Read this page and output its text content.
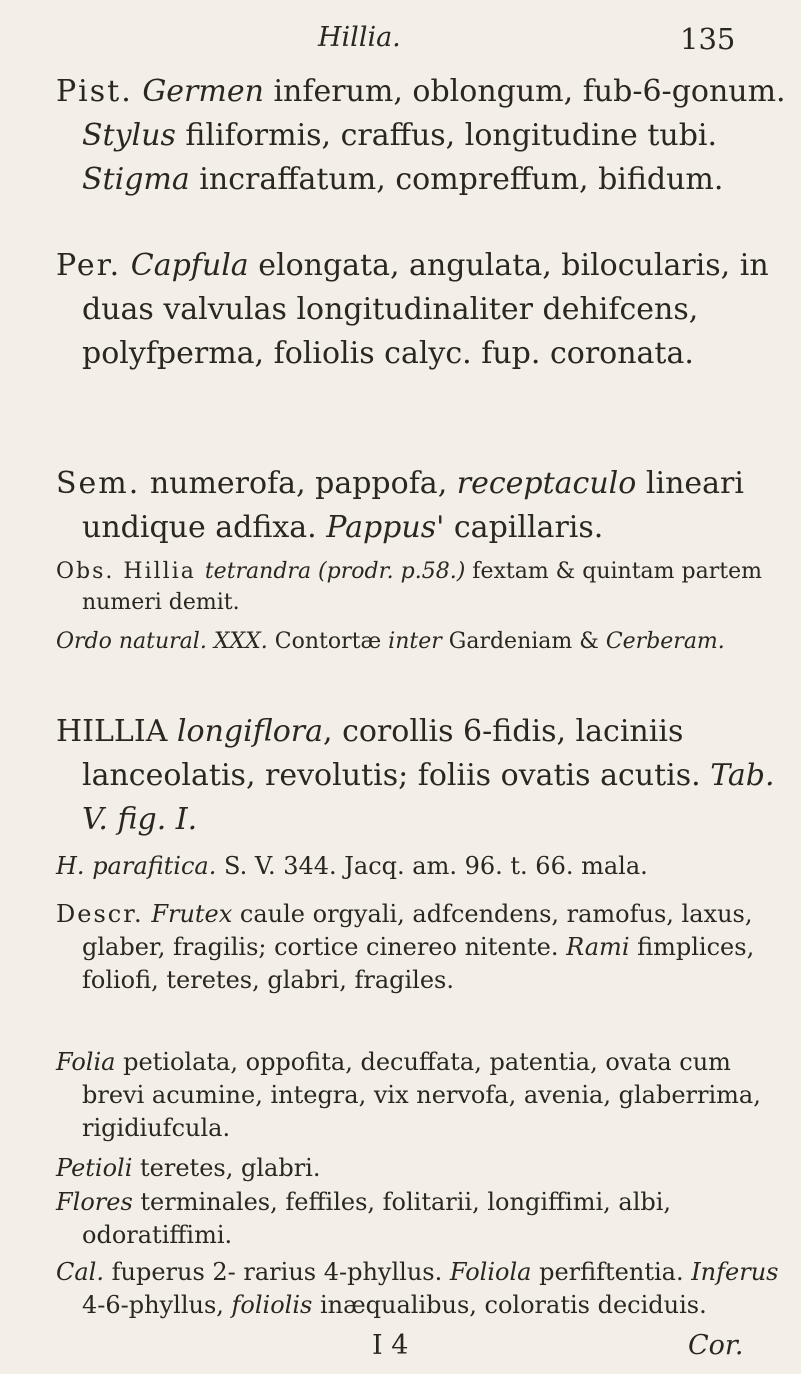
Hillia.	135
Pist. Germen inferum, oblongum, fub-6-gonum. Stylus filiformis, craffus, longitudine tubi. Stigma incraffatum, compreffum, bifidum.
Per. Capfula elongata, angulata, bilocularis, in duas valvulas longitudinaliter dehifcens, polyfperma, foliolis calyc. fup. coronata.
Sem. numerofa, pappofa, receptaculo lineari undique adfixa. Pappus' capillaris.
Obs. Hillia tetrandra (prodr. p.58.) fextam & quintam partem numeri demit.
Ordo natural. XXX. Contortæ inter Gardeniam & Cerberam.
HILLIA longiflora, corollis 6-fidis, laciniis lanceolatis, revolutis; foliis ovatis acutis. Tab. V. fig. I.
H. parafitica. S. V. 344. Jacq. am. 96. t. 66. mala.
Descr. Frutex caule orgyali, adfcendens, ramofus, laxus, glaber, fragilis; cortice cinereo nitente. Rami fimplices, foliofi, teretes, glabri, fragiles.
Folia petiolata, oppofita, decuffata, patentia, ovata cum brevi acumine, integra, vix nervofa, avenia, glaberrima, rigidiufcula.
Petioli teretes, glabri.
Flores terminales, feffiles, folitarii, longiffimi, albi, odoratiffimi.
Cal. fuperus 2- rarius 4-phyllus. Foliola perfiftentia. Inferus 4-6-phyllus, foliolis inæqualibus, coloratis deciduis.
I 4	Cor.
